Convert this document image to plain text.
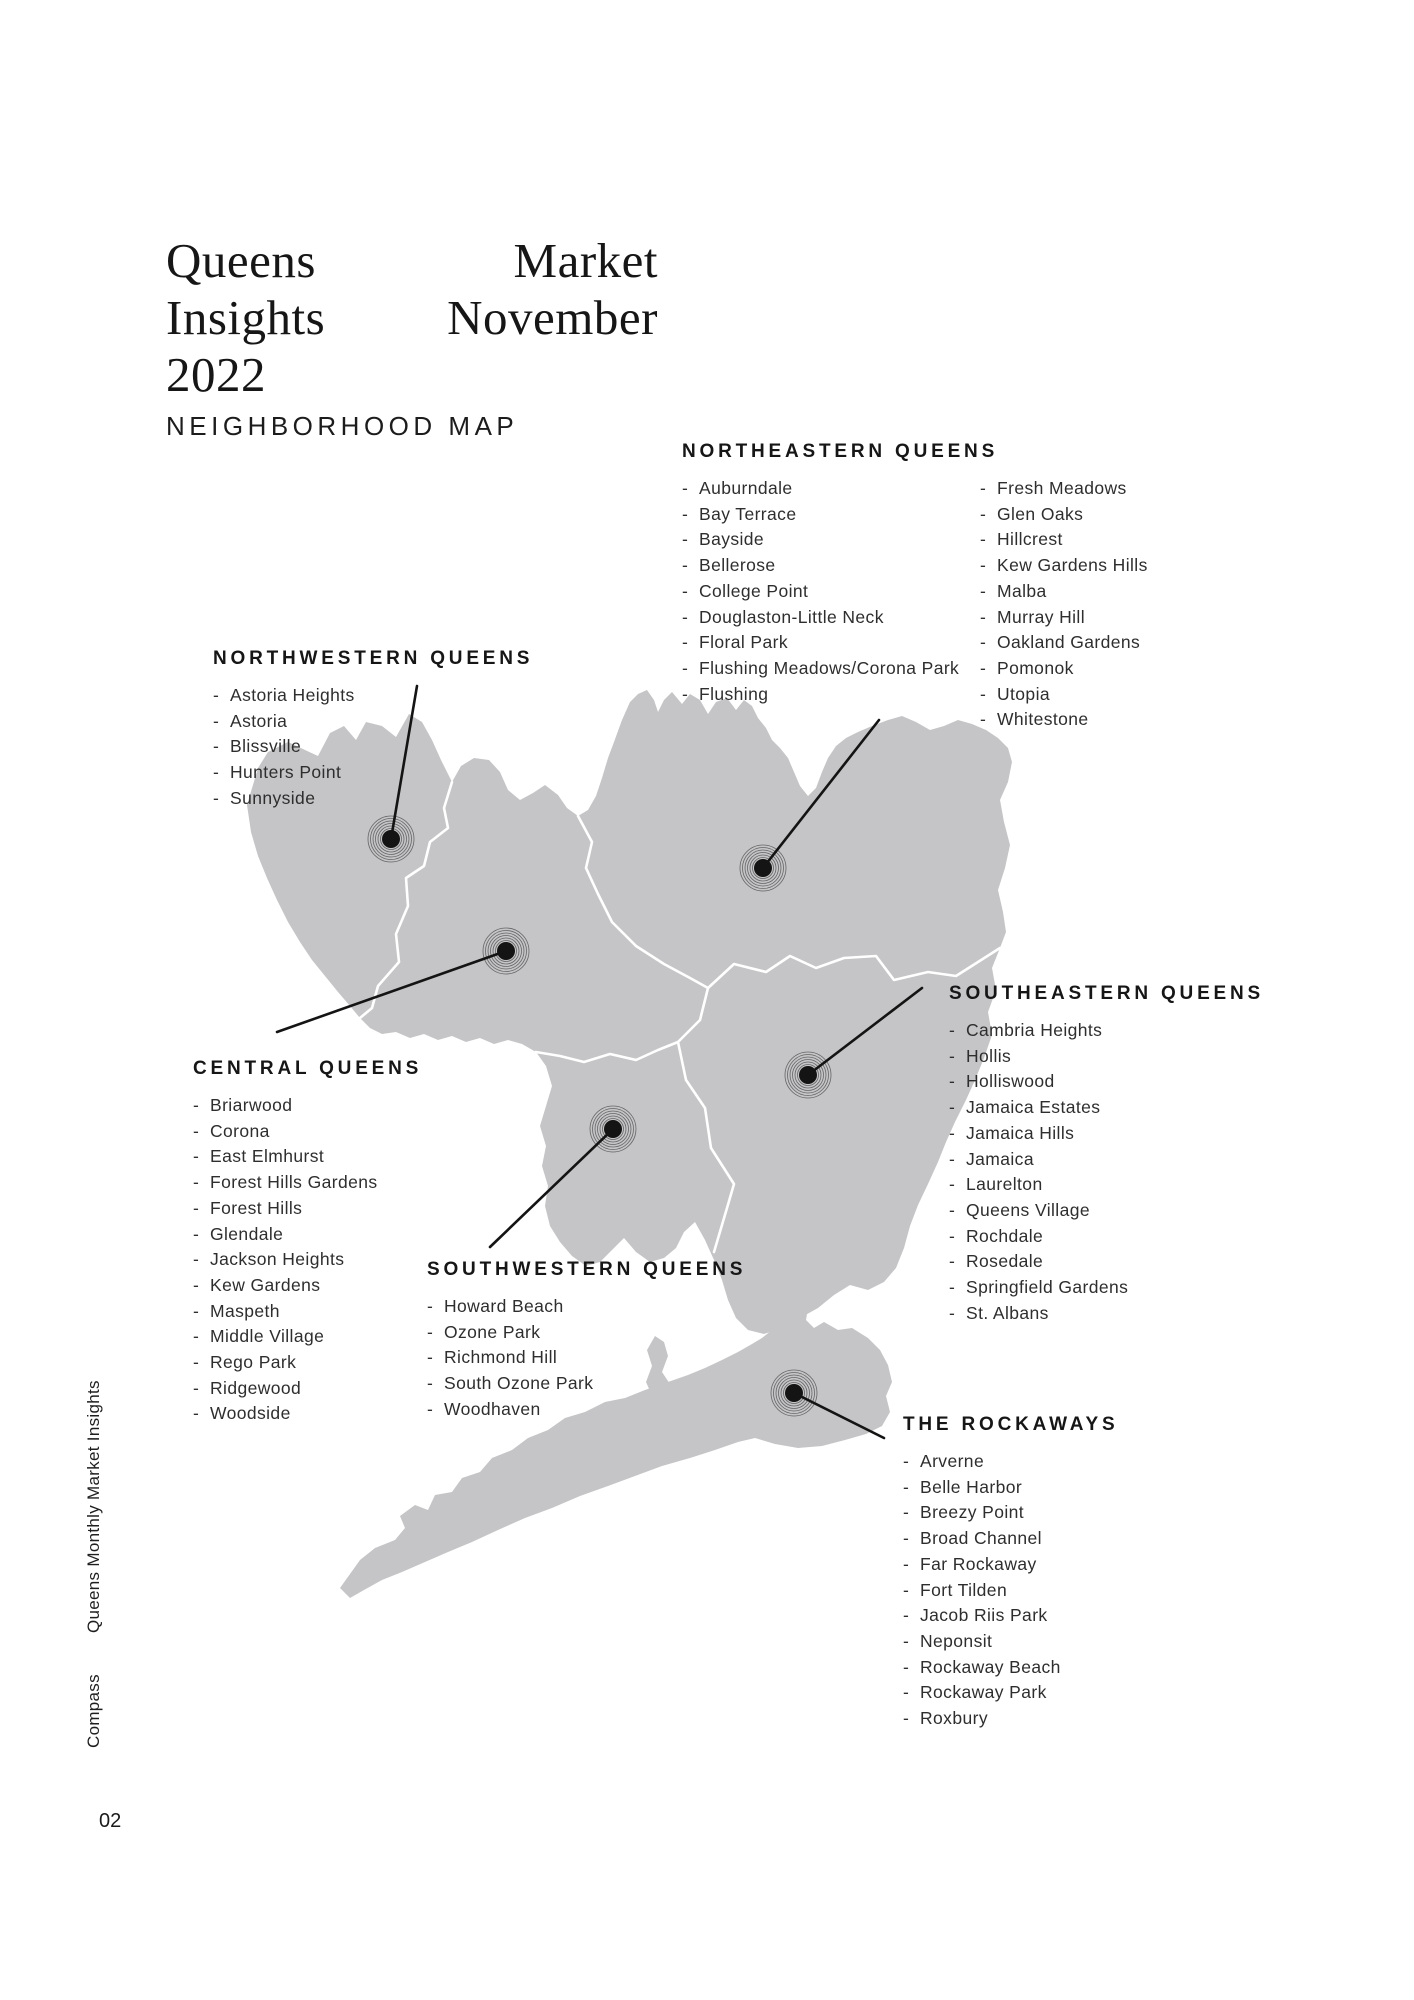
Queens
Insights
2022
Market
November
NEIGHBORHOOD MAP
NORTHEASTERN QUEENS
- Auburndale
- Bay Terrace
- Bayside
- Bellerose
- College Point
- Douglaston-Little Neck
- Floral Park
- Flushing Meadows/Corona Park
- Flushing
- Fresh Meadows
- Glen Oaks
- Hillcrest
- Kew Gardens Hills
- Malba
- Murray Hill
- Oakland Gardens
- Pomonok
- Utopia
- Whitestone
NORTHWESTERN QUEENS
- Astoria Heights
- Astoria
- Blissville
- Hunters Point
- Sunnyside
CENTRAL QUEENS
- Briarwood
- Corona
- East Elmhurst
- Forest Hills Gardens
- Forest Hills
- Glendale
- Jackson Heights
- Kew Gardens
- Maspeth
- Middle Village
- Rego Park
- Ridgewood
- Woodside
SOUTHEASTERN QUEENS
- Cambria Heights
- Hollis
- Holliswood
- Jamaica Estates
- Jamaica Hills
- Jamaica
- Laurelton
- Queens Village
- Rochdale
- Rosedale
- Springfield Gardens
- St. Albans
SOUTHWESTERN QUEENS
- Howard Beach
- Ozone Park
- Richmond Hill
- South Ozone Park
- Woodhaven
THE ROCKAWAYS
- Arverne
- Belle Harbor
- Breezy Point
- Broad Channel
- Far Rockaway
- Fort Tilden
- Jacob Riis Park
- Neponsit
- Rockaway Beach
- Rockaway Park
- Roxbury
Queens Monthly Market Insights
Compass
02
